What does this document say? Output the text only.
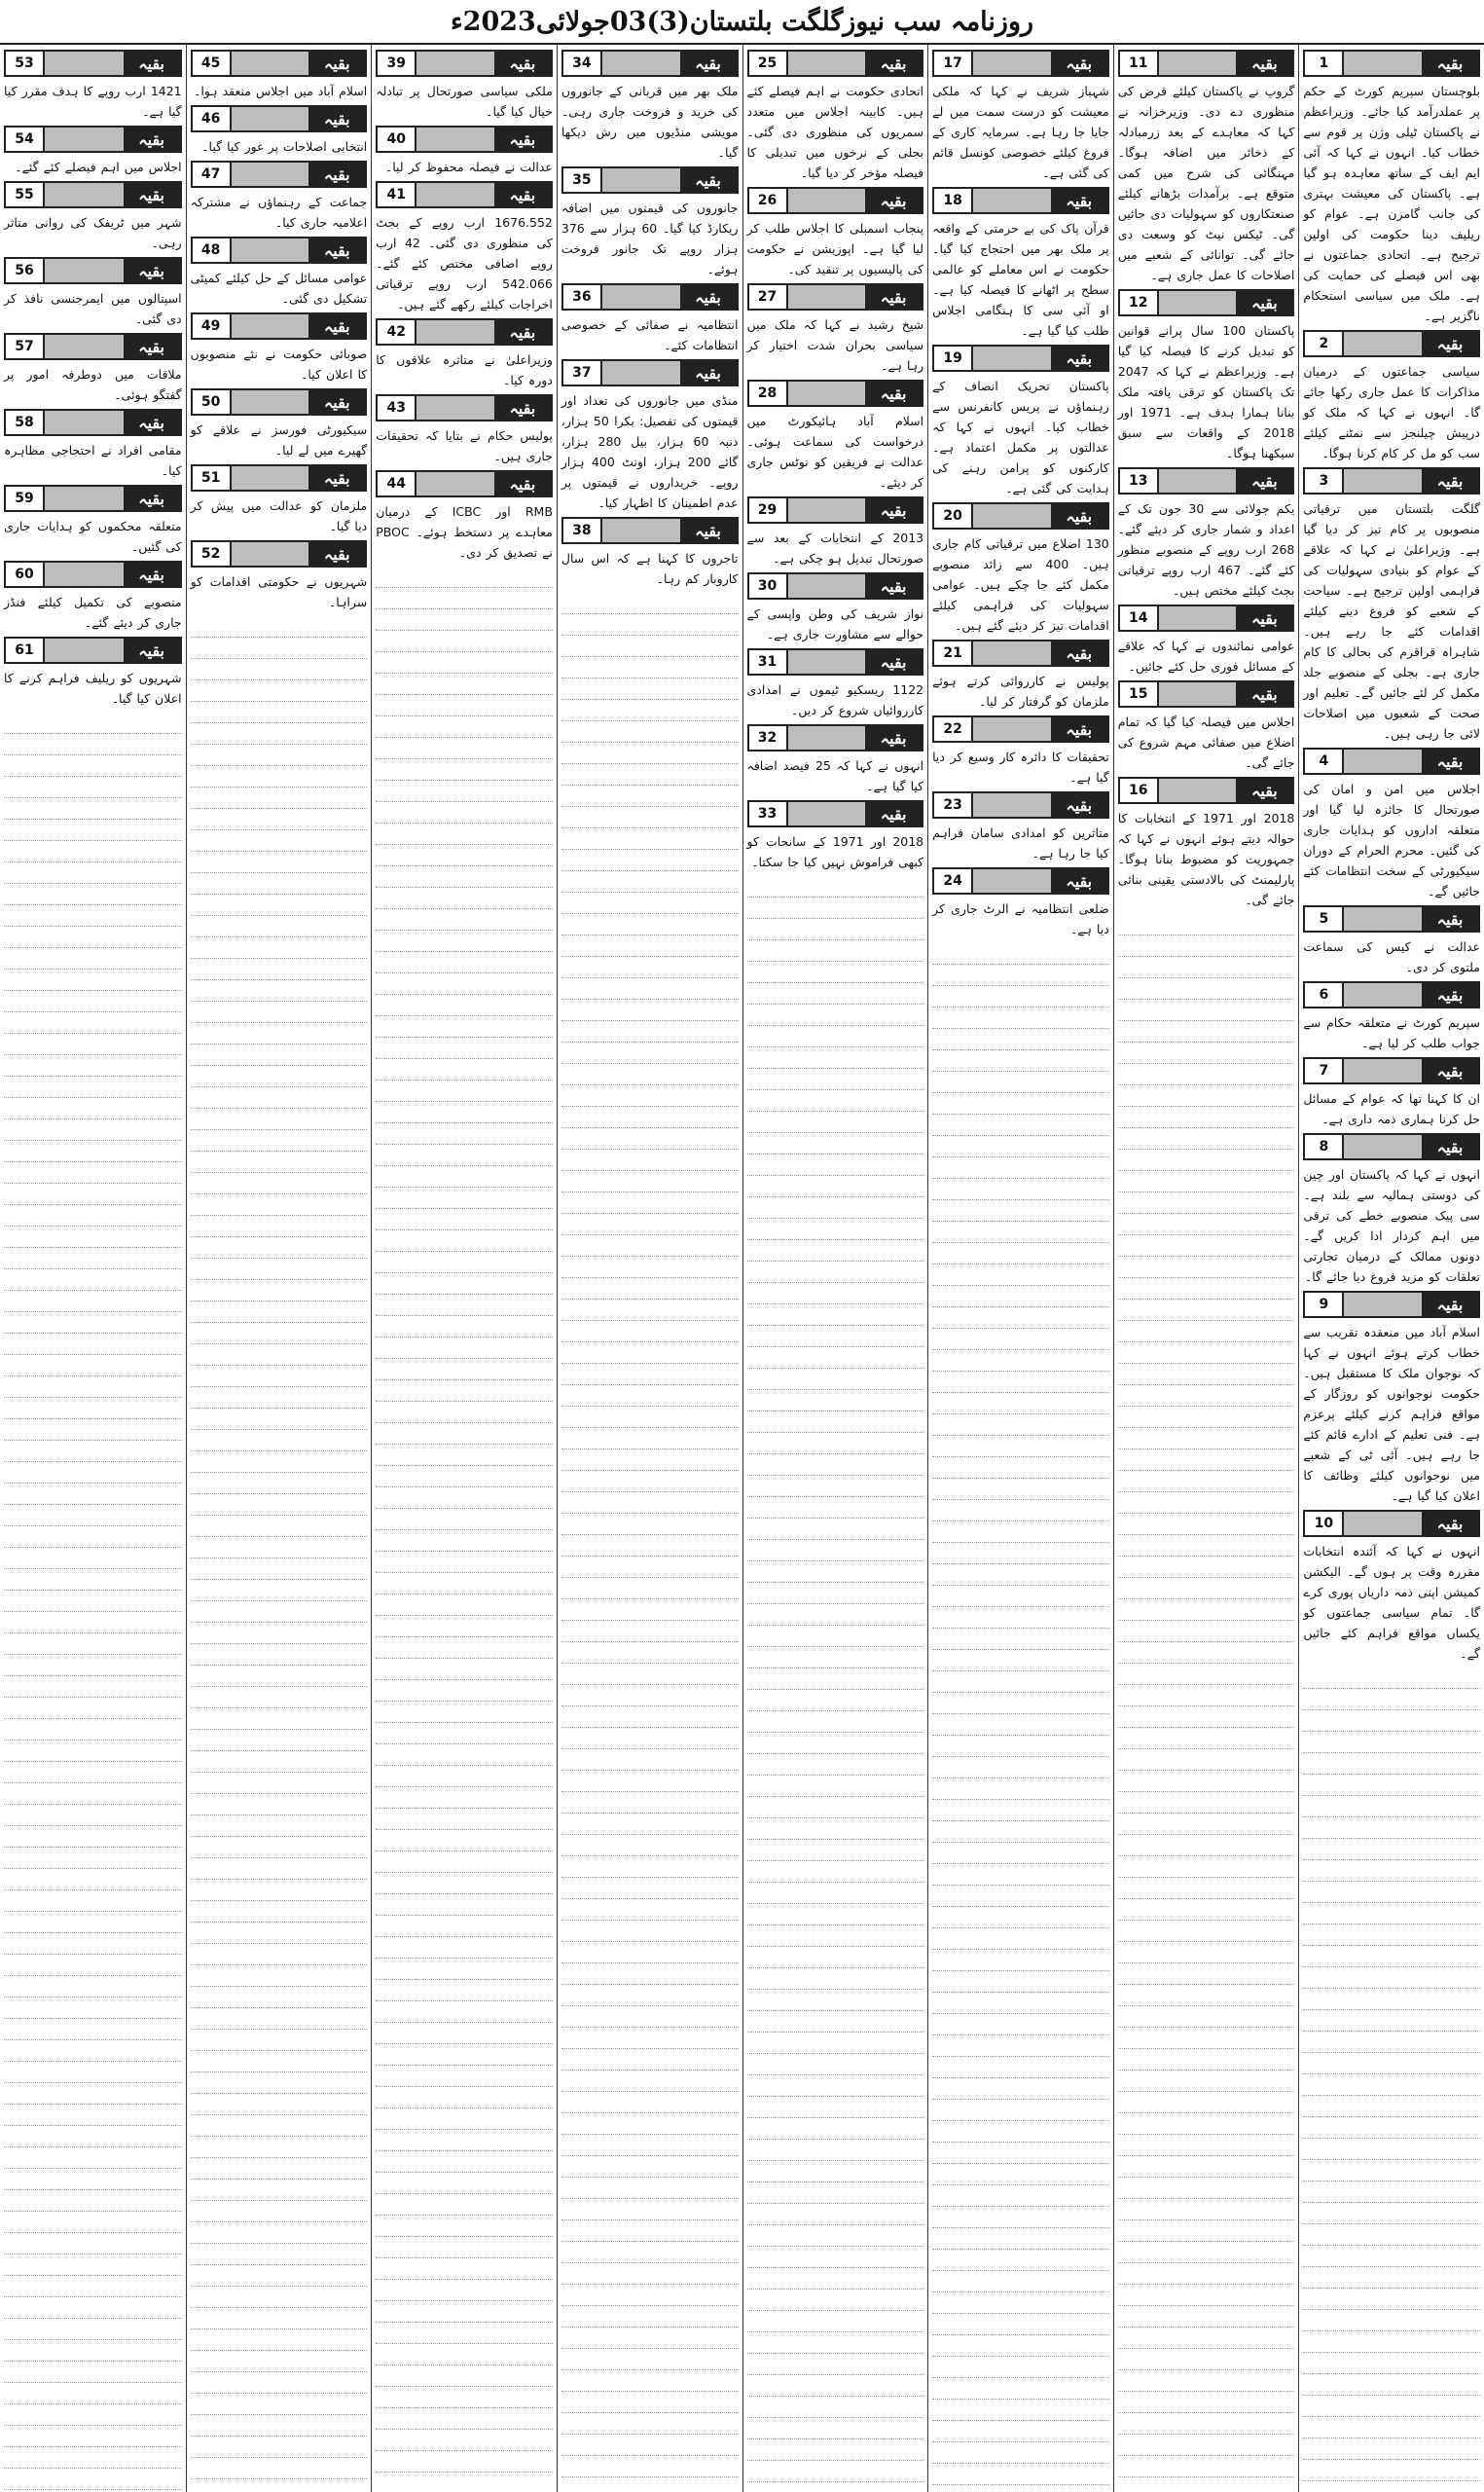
روزنامہ سب نیوزگلگت بلتستان(3)03جولائی2023ء
1	بقیہ

بلوچستان سپریم کورٹ کے حکم پر عملدرآمد کیا جائے۔ وزیراعظم نے پاکستان ٹیلی وژن پر قوم سے خطاب کیا۔ انہوں نے کہا کہ آئی ایم ایف کے ساتھ معاہدہ ہو گیا ہے۔ پاکستان کی معیشت بہتری کی جانب گامزن ہے۔ عوام کو ریلیف دینا حکومت کی اولین ترجیح ہے۔ اتحادی جماعتوں نے بھی اس فیصلے کی حمایت کی ہے۔ ملک میں سیاسی استحکام ناگزیر ہے۔

2	بقیہ

سیاسی جماعتوں کے درمیان مذاکرات کا عمل جاری رکھا جائے گا۔ انہوں نے کہا کہ ملک کو درپیش چیلنجز سے نمٹنے کیلئے سب کو مل کر کام کرنا ہوگا۔

3	بقیہ

گلگت بلتستان میں ترقیاتی منصوبوں پر کام تیز کر دیا گیا ہے۔ وزیراعلیٰ نے کہا کہ علاقے کے عوام کو بنیادی سہولیات کی فراہمی اولین ترجیح ہے۔ سیاحت کے شعبے کو فروغ دینے کیلئے اقدامات کئے جا رہے ہیں۔ شاہراہ قراقرم کی بحالی کا کام جاری ہے۔ بجلی کے منصوبے جلد مکمل کر لئے جائیں گے۔ تعلیم اور صحت کے شعبوں میں اصلاحات لائی جا رہی ہیں۔

4	بقیہ

اجلاس میں امن و امان کی صورتحال کا جائزہ لیا گیا اور متعلقہ اداروں کو ہدایات جاری کی گئیں۔ محرم الحرام کے دوران سیکیورٹی کے سخت انتظامات کئے جائیں گے۔

5	بقیہ

عدالت نے کیس کی سماعت ملتوی کر دی۔

6	بقیہ

سپریم کورٹ نے متعلقہ حکام سے جواب طلب کر لیا ہے۔

7	بقیہ

ان کا کہنا تھا کہ عوام کے مسائل حل کرنا ہماری ذمہ داری ہے۔

8	بقیہ

انہوں نے کہا کہ پاکستان اور چین کی دوستی ہمالیہ سے بلند ہے۔ سی پیک منصوبے خطے کی ترقی میں اہم کردار ادا کریں گے۔ دونوں ممالک کے درمیان تجارتی تعلقات کو مزید فروغ دیا جائے گا۔

9	بقیہ

اسلام آباد میں منعقدہ تقریب سے خطاب کرتے ہوئے انہوں نے کہا کہ نوجوان ملک کا مستقبل ہیں۔ حکومت نوجوانوں کو روزگار کے مواقع فراہم کرنے کیلئے پرعزم ہے۔ فنی تعلیم کے ادارے قائم کئے جا رہے ہیں۔ آئی ٹی کے شعبے میں نوجوانوں کیلئے وظائف کا اعلان کیا گیا ہے۔

10	بقیہ

انہوں نے کہا کہ آئندہ انتخابات مقررہ وقت پر ہوں گے۔ الیکشن کمیشن اپنی ذمہ داریاں پوری کرے گا۔ تمام سیاسی جماعتوں کو یکساں مواقع فراہم کئے جائیں گے۔

11	بقیہ

گروپ نے پاکستان کیلئے قرض کی منظوری دے دی۔ وزیرخزانہ نے کہا کہ معاہدے کے بعد زرمبادلہ کے ذخائر میں اضافہ ہوگا۔ مہنگائی کی شرح میں کمی متوقع ہے۔ برآمدات بڑھانے کیلئے صنعتکاروں کو سہولیات دی جائیں گی۔ ٹیکس نیٹ کو وسعت دی جائے گی۔ توانائی کے شعبے میں اصلاحات کا عمل جاری ہے۔

12	بقیہ

پاکستان 100 سال پرانے قوانین کو تبدیل کرنے کا فیصلہ کیا گیا ہے۔ وزیراعظم نے کہا کہ 2047 تک پاکستان کو ترقی یافتہ ملک بنانا ہمارا ہدف ہے۔ 1971 اور 2018 کے واقعات سے سبق سیکھنا ہوگا۔

13	بقیہ

یکم جولائی سے 30 جون تک کے اعداد و شمار جاری کر دیئے گئے۔ 268 ارب روپے کے منصوبے منظور کئے گئے۔ 467 ارب روپے ترقیاتی بجٹ کیلئے مختص ہیں۔

14	بقیہ

عوامی نمائندوں نے کہا کہ علاقے کے مسائل فوری حل کئے جائیں۔

15	بقیہ

اجلاس میں فیصلہ کیا گیا کہ تمام اضلاع میں صفائی مہم شروع کی جائے گی۔

16	بقیہ

2018 اور 1971 کے انتخابات کا حوالہ دیتے ہوئے انہوں نے کہا کہ جمہوریت کو مضبوط بنانا ہوگا۔ پارلیمنٹ کی بالادستی یقینی بنائی جائے گی۔

17	بقیہ

شہباز شریف نے کہا کہ ملکی معیشت کو درست سمت میں لے جایا جا رہا ہے۔ سرمایہ کاری کے فروغ کیلئے خصوصی کونسل قائم کی گئی ہے۔

18	بقیہ

قرآن پاک کی بے حرمتی کے واقعہ پر ملک بھر میں احتجاج کیا گیا۔ حکومت نے اس معاملے کو عالمی سطح پر اٹھانے کا فیصلہ کیا ہے۔ او آئی سی کا ہنگامی اجلاس طلب کیا گیا ہے۔

19	بقیہ

پاکستان تحریک انصاف کے رہنماؤں نے پریس کانفرنس سے خطاب کیا۔ انہوں نے کہا کہ عدالتوں پر مکمل اعتماد ہے۔ کارکنوں کو پرامن رہنے کی ہدایت کی گئی ہے۔

20	بقیہ

130 اضلاع میں ترقیاتی کام جاری ہیں۔ 400 سے زائد منصوبے مکمل کئے جا چکے ہیں۔ عوامی سہولیات کی فراہمی کیلئے اقدامات تیز کر دیئے گئے ہیں۔

21	بقیہ

پولیس نے کارروائی کرتے ہوئے ملزمان کو گرفتار کر لیا۔

22	بقیہ

تحقیقات کا دائرہ کار وسیع کر دیا گیا ہے۔

23	بقیہ

متاثرین کو امدادی سامان فراہم کیا جا رہا ہے۔

24	بقیہ

ضلعی انتظامیہ نے الرٹ جاری کر دیا ہے۔

25	بقیہ

اتحادی حکومت نے اہم فیصلے کئے ہیں۔ کابینہ اجلاس میں متعدد سمریوں کی منظوری دی گئی۔ بجلی کے نرخوں میں تبدیلی کا فیصلہ مؤخر کر دیا گیا۔

26	بقیہ

پنجاب اسمبلی کا اجلاس طلب کر لیا گیا ہے۔ اپوزیشن نے حکومت کی پالیسیوں پر تنقید کی۔

27	بقیہ

شیخ رشید نے کہا کہ ملک میں سیاسی بحران شدت اختیار کر رہا ہے۔

28	بقیہ

اسلام آباد ہائیکورٹ میں درخواست کی سماعت ہوئی۔ عدالت نے فریقین کو نوٹس جاری کر دیئے۔

29	بقیہ

2013 کے انتخابات کے بعد سے صورتحال تبدیل ہو چکی ہے۔

30	بقیہ

نواز شریف کی وطن واپسی کے حوالے سے مشاورت جاری ہے۔

31	بقیہ

1122 ریسکیو ٹیموں نے امدادی کارروائیاں شروع کر دیں۔

32	بقیہ

انہوں نے کہا کہ 25 فیصد اضافہ کیا گیا ہے۔

33	بقیہ

2018 اور 1971 کے سانحات کو کبھی فراموش نہیں کیا جا سکتا۔

34	بقیہ

ملک بھر میں قربانی کے جانوروں کی خرید و فروخت جاری رہی۔ مویشی منڈیوں میں رش دیکھا گیا۔

35	بقیہ

جانوروں کی قیمتوں میں اضافہ ریکارڈ کیا گیا۔ 60 ہزار سے 376 ہزار روپے تک جانور فروخت ہوئے۔

36	بقیہ

انتظامیہ نے صفائی کے خصوصی انتظامات کئے۔

37	بقیہ

منڈی میں جانوروں کی تعداد اور قیمتوں کی تفصیل: بکرا 50 ہزار، دنبہ 60 ہزار، بیل 280 ہزار، گائے 200 ہزار، اونٹ 400 ہزار روپے۔ خریداروں نے قیمتوں پر عدم اطمینان کا اظہار کیا۔

38	بقیہ

تاجروں کا کہنا ہے کہ اس سال کاروبار کم رہا۔

39	بقیہ

ملکی سیاسی صورتحال پر تبادلہ خیال کیا گیا۔

40	بقیہ

عدالت نے فیصلہ محفوظ کر لیا۔

41	بقیہ

1676.552 ارب روپے کے بجٹ کی منظوری دی گئی۔ 42 ارب روپے اضافی مختص کئے گئے۔ 542.066 ارب روپے ترقیاتی اخراجات کیلئے رکھے گئے ہیں۔

42	بقیہ

وزیراعلیٰ نے متاثرہ علاقوں کا دورہ کیا۔

43	بقیہ

پولیس حکام نے بتایا کہ تحقیقات جاری ہیں۔

44	بقیہ

RMB اور ICBC کے درمیان معاہدے پر دستخط ہوئے۔ PBOC نے تصدیق کر دی۔

45	بقیہ

اسلام آباد میں اجلاس منعقد ہوا۔

46	بقیہ

انتخابی اصلاحات پر غور کیا گیا۔

47	بقیہ

جماعت کے رہنماؤں نے مشترکہ اعلامیہ جاری کیا۔

48	بقیہ

عوامی مسائل کے حل کیلئے کمیٹی تشکیل دی گئی۔

49	بقیہ

صوبائی حکومت نے نئے منصوبوں کا اعلان کیا۔

50	بقیہ

سیکیورٹی فورسز نے علاقے کو گھیرے میں لے لیا۔

51	بقیہ

ملزمان کو عدالت میں پیش کر دیا گیا۔

52	بقیہ

شہریوں نے حکومتی اقدامات کو سراہا۔

53	بقیہ

1421 ارب روپے کا ہدف مقرر کیا گیا ہے۔

54	بقیہ

اجلاس میں اہم فیصلے کئے گئے۔

55	بقیہ

شہر میں ٹریفک کی روانی متاثر رہی۔

56	بقیہ

اسپتالوں میں ایمرجنسی نافذ کر دی گئی۔

57	بقیہ

ملاقات میں دوطرفہ امور پر گفتگو ہوئی۔

58	بقیہ

مقامی افراد نے احتجاجی مظاہرہ کیا۔

59	بقیہ

متعلقہ محکموں کو ہدایات جاری کی گئیں۔

60	بقیہ

منصوبے کی تکمیل کیلئے فنڈز جاری کر دیئے گئے۔

61	بقیہ

شہریوں کو ریلیف فراہم کرنے کا اعلان کیا گیا۔
